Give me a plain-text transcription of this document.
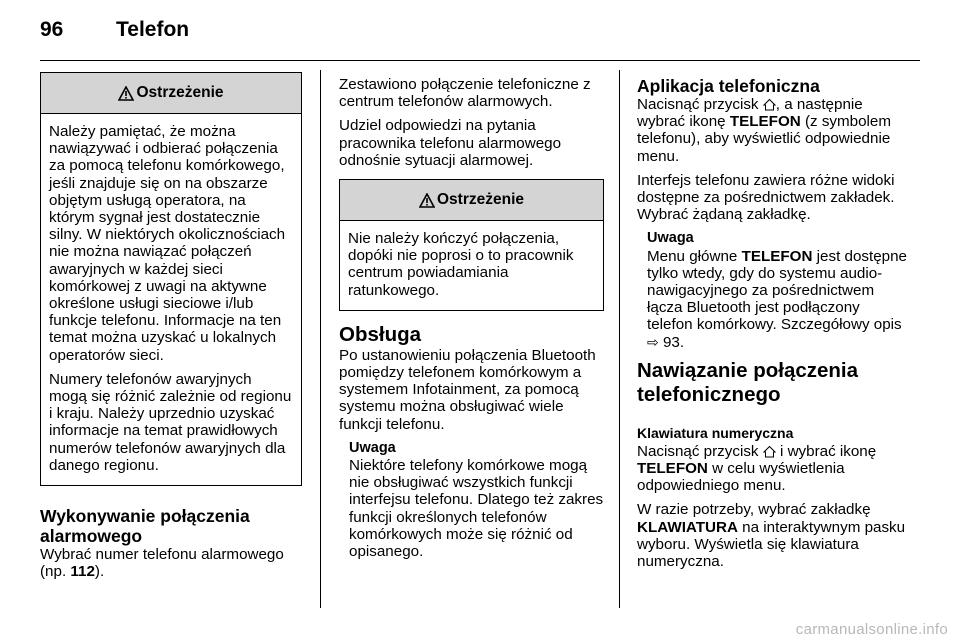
96	Telefon
Ostrzeżenie

Należy pamiętać, że można nawiązywać i odbierać połączenia za pomocą telefonu komórkowego, jeśli znajduje się on na obszarze objętym usługą operatora, na którym sygnał jest dostatecznie silny. W niektórych okolicznościach nie można nawiązać połączeń awaryjnych w każdej sieci komórkowej z uwagi na aktywne określone usługi sieciowe i/lub funkcje telefonu. Informacje na ten temat można uzyskać u lokalnych operatorów sieci.

Numery telefonów awaryjnych mogą się różnić zależnie od regionu i kraju. Należy uprzednio uzyskać informacje na temat prawidłowych numerów telefonów awaryjnych dla danego regionu.

Wykonywanie połączenia alarmowego

Wybrać numer telefonu alarmowego (np. 112).

Zestawiono połączenie telefoniczne z centrum telefonów alarmowych.

Udziel odpowiedzi na pytania pracownika telefonu alarmowego odnośnie sytuacji alarmowej.

Ostrzeżenie

Nie należy kończyć połączenia, dopóki nie poprosi o to pracownik centrum powiadamiania ratunkowego.

Obsługa

Po ustanowieniu połączenia Bluetooth pomiędzy telefonem komórkowym a systemem Infotainment, za pomocą systemu można obsługiwać wiele funkcji telefonu.

Uwaga
Niektóre telefony komórkowe mogą nie obsługiwać wszystkich funkcji interfejsu telefonu. Dlatego też zakres funkcji określonych telefonów komórkowych może się różnić od opisanego.
Aplikacja telefoniczna

Nacisnąć przycisk , a następnie wybrać ikonę TELEFON (z symbolem telefonu), aby wyświetlić odpowiednie menu.

Interfejs telefonu zawiera różne widoki dostępne za pośrednictwem zakładek. Wybrać żądaną zakładkę.

Uwaga
Menu główne TELEFON jest dostępne tylko wtedy, gdy do systemu audio-nawigacyjnego za pośrednictwem łącza Bluetooth jest podłączony telefon komórkowy. Szczegółowy opis ⇨ 93.
Nawiązanie połączenia telefonicznego
Klawiatura numeryczna

Nacisnąć przycisk  i wybrać ikonę TELEFON w celu wyświetlenia odpowiedniego menu.

W razie potrzeby, wybrać zakładkę KLAWIATURA na interaktywnym pasku wyboru. Wyświetla się klawiatura numeryczna.

carmanualsonline.info
